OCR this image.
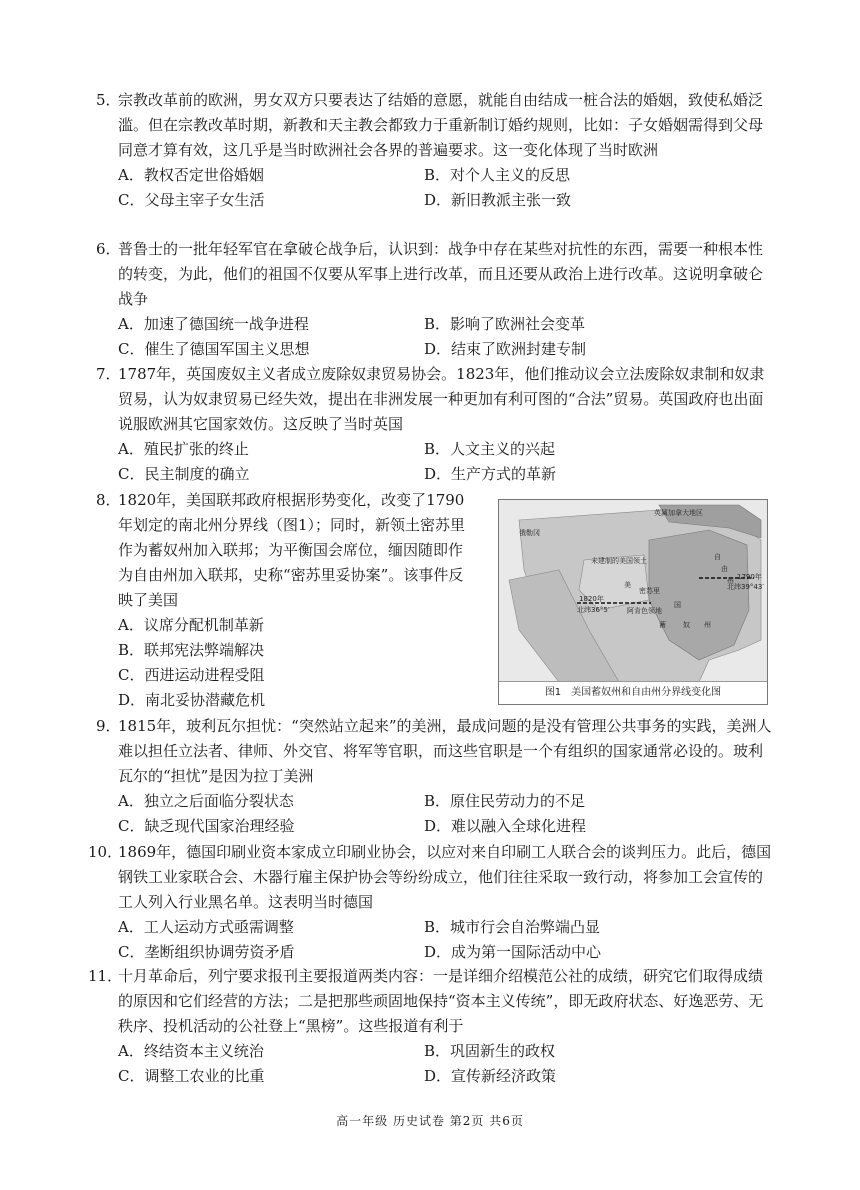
5．宗教改革前的欧洲，男女双方只要表达了结婚的意愿，就能自由结成一桩合法的婚姻，致使私婚泛滥。但在宗教改革时期，新教和天主教会都致力于重新制订婚约规则，比如：子女婚姻需得到父母同意才算有效，这几乎是当时欧洲社会各界的普遍要求。这一变化体现了当时欧洲

A．教权否定世俗婚姻	B．对个人主义的反思
C．父母主宰子女生活	D．新旧教派主张一致

6．普鲁士的一批年轻军官在拿破仑战争后，认识到：战争中存在某些对抗性的东西，需要一种根本性的转变，为此，他们的祖国不仅要从军事上进行改革，而且还要从政治上进行改革。这说明拿破仑战争

A．加速了德国统一战争进程	B．影响了欧洲社会变革
C．催生了德国军国主义思想	D．结束了欧洲封建专制

7．1787年，英国废奴主义者成立废除奴隶贸易协会。1823年，他们推动议会立法废除奴隶制和奴隶贸易，认为奴隶贸易已经失效，提出在非洲发展一种更加有利可图的“合法”贸易。英国政府也出面说服欧洲其它国家效仿。这反映了当时英国

A．殖民扩张的终止	B．人文主义的兴起
C．民主制度的确立	D．生产方式的革新

8．1820年，美国联邦政府根据形势变化，改变了1790年划定的南北州分界线（图1）；同时，新领土密苏里作为蓄奴州加入联邦；为平衡国会席位，缅因随即作为自由州加入联邦，史称“密苏里妥协案”。该事件反映了美国

A．议席分配机制革新
B．联邦宪法弊端解决
C．西进运动进程受阻
D．南北妥协潜藏危机
英属加拿大地区
俄勒冈
未建制的美国领土
美
密苏里
自
由
州 1790年
北纬39°43′
1820年
北纬36°5′	阿肯色领地
国
蓄 奴 州
图1　美国蓄奴州和自由州分界线变化图

9．1815年，玻利瓦尔担忧：“突然站立起来”的美洲，最成问题的是没有管理公共事务的实践，美洲人难以担任立法者、律师、外交官、将军等官职，而这些官职是一个有组织的国家通常必设的。玻利瓦尔的“担忧”是因为拉丁美洲

A．独立之后面临分裂状态	B．原住民劳动力的不足
C．缺乏现代国家治理经验	D．难以融入全球化进程

10．1869年，德国印刷业资本家成立印刷业协会，以应对来自印刷工人联合会的谈判压力。此后，德国钢铁工业家联合会、木器行雇主保护协会等纷纷成立，他们往往采取一致行动，将参加工会宣传的工人列入行业黑名单。这表明当时德国

A．工人运动方式亟需调整	B．城市行会自治弊端凸显
C．垄断组织协调劳资矛盾	D．成为第一国际活动中心

11．十月革命后，列宁要求报刊主要报道两类内容：一是详细介绍模范公社的成绩，研究它们取得成绩的原因和它们经营的方法；二是把那些顽固地保持“资本主义传统”，即无政府状态、好逸恶劳、无秩序、投机活动的公社登上“黑榜”。这些报道有利于

A．终结资本主义统治	B．巩固新生的政权
C．调整工农业的比重	D．宣传新经济政策
高一年级 历史试卷 第2页 共6页
